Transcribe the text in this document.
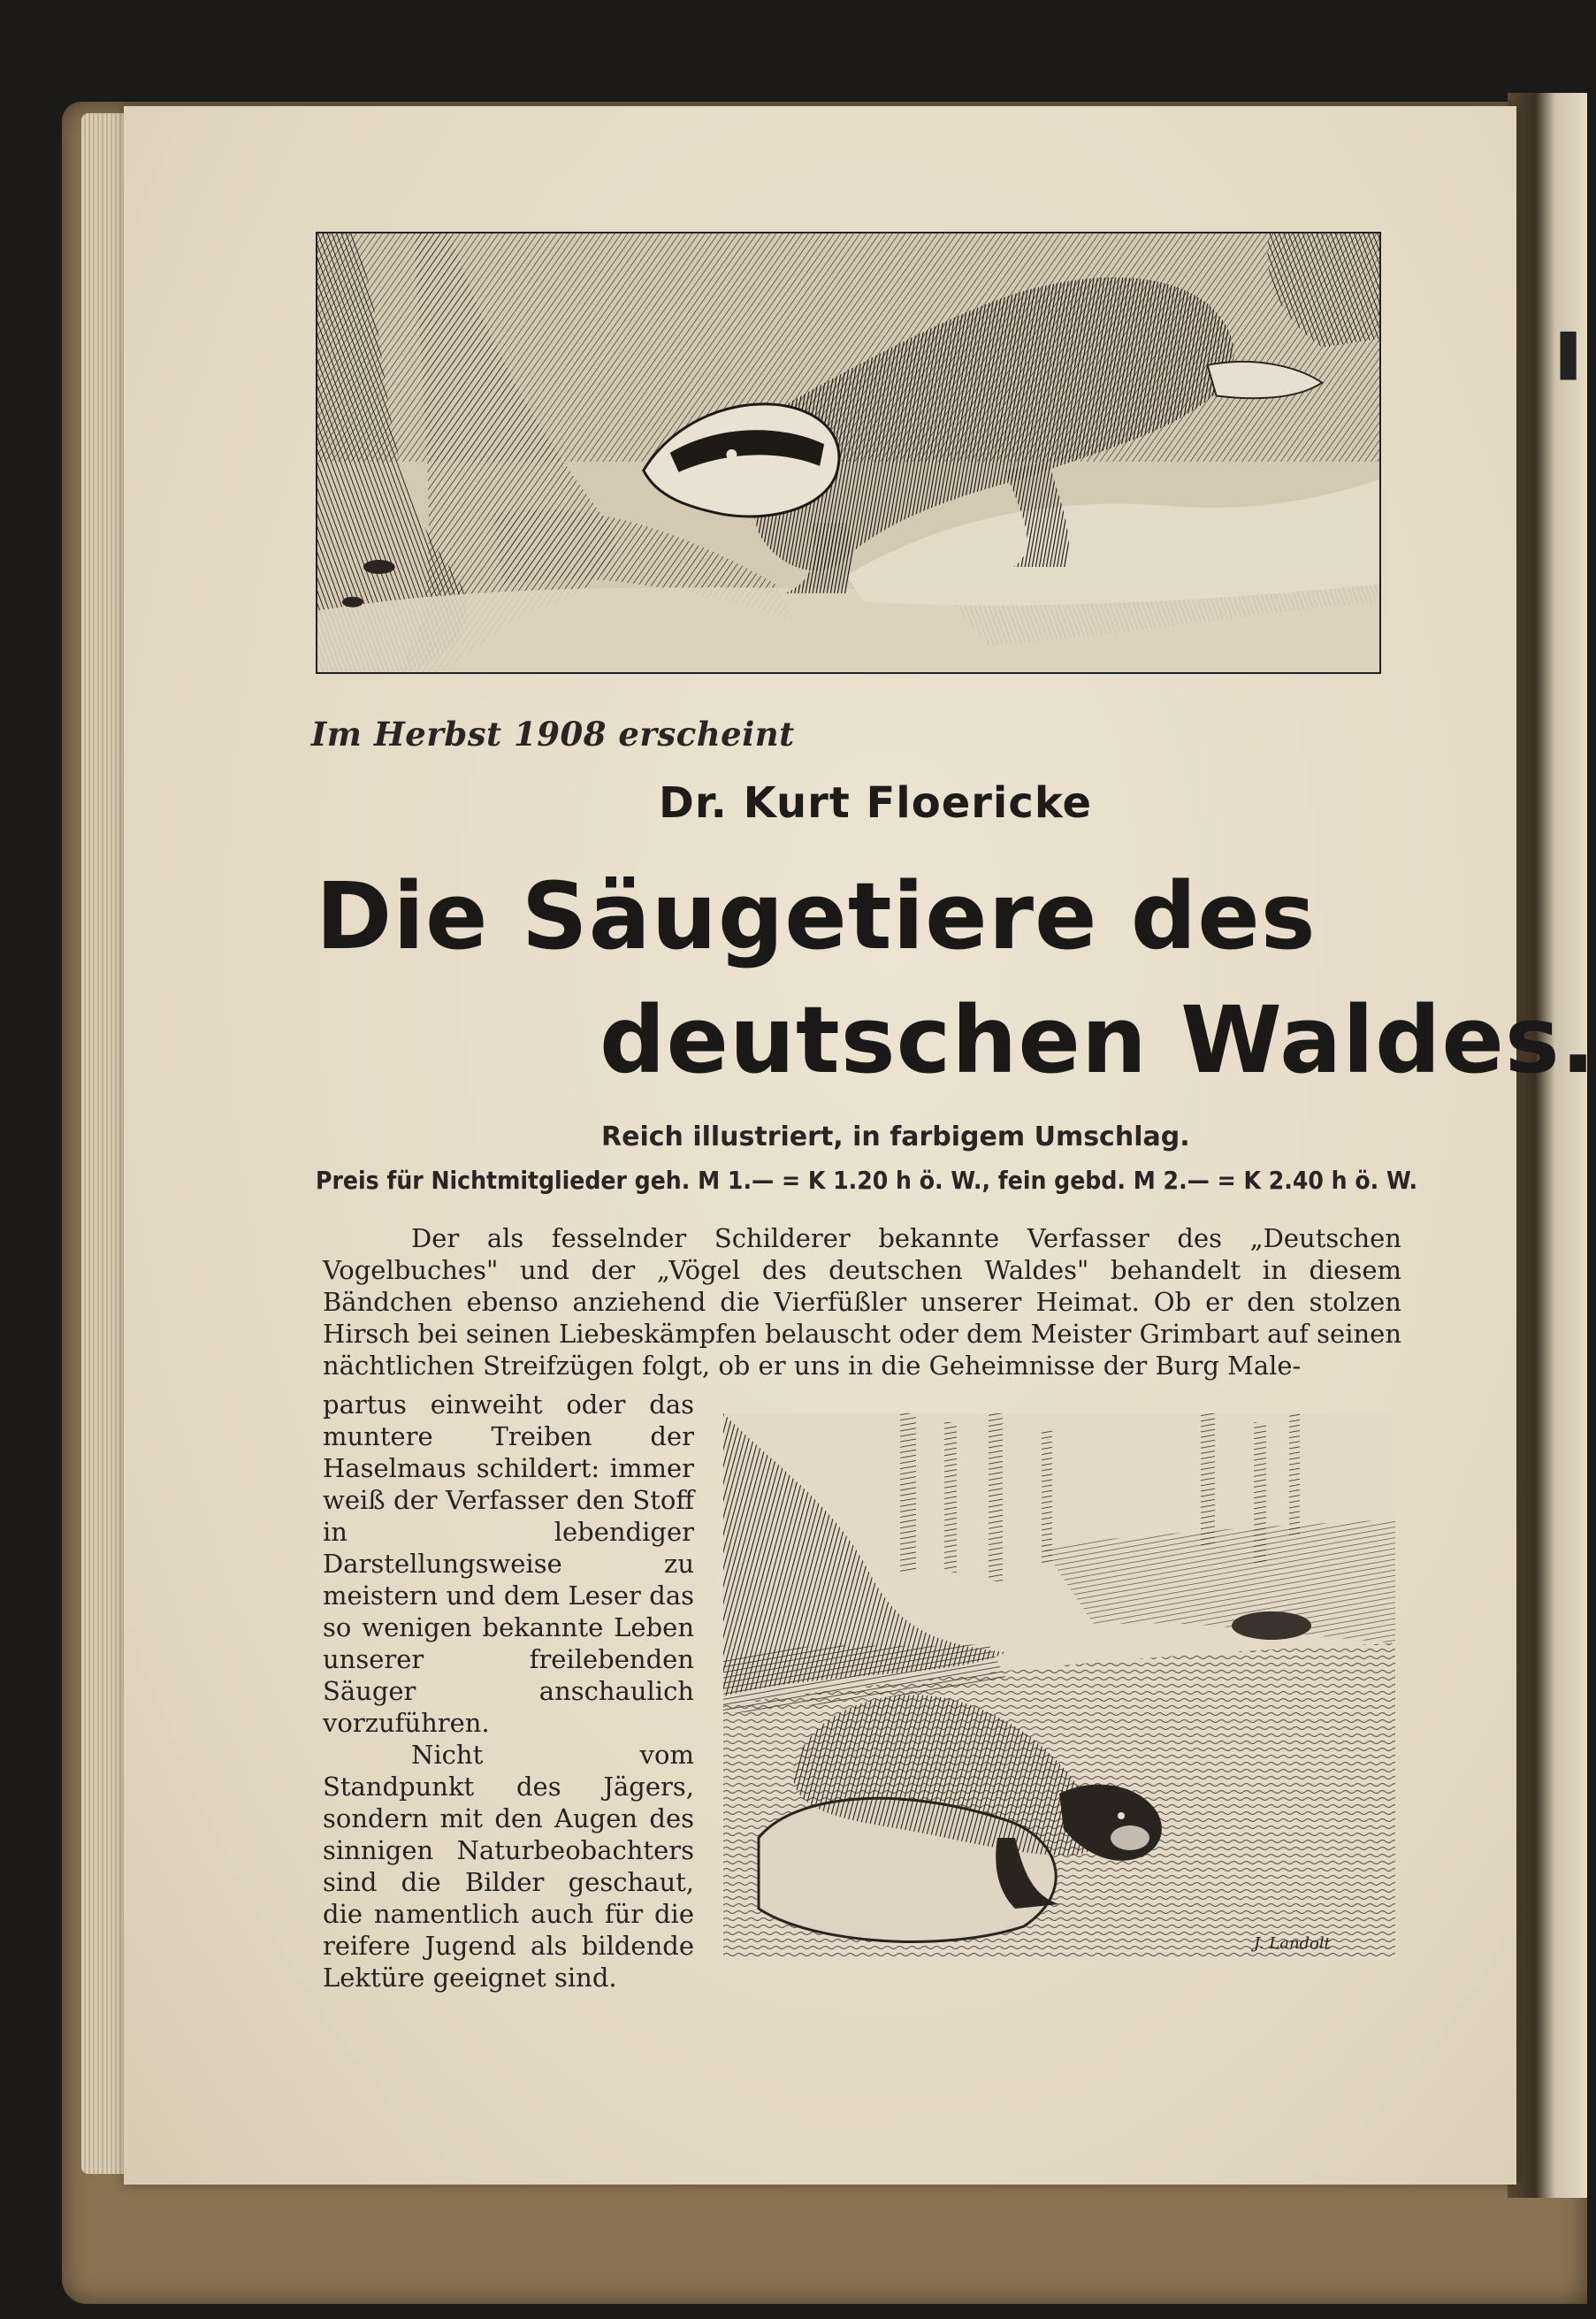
▌
Im Herbst 1908 erscheint
Dr. Kurt Floericke
Die Säugetiere des
deutschen Waldes.
Reich illustriert, in farbigem Umschlag.
Preis für Nichtmitglieder geh. M 1.— = K 1.20 h ö. W., fein gebd. M 2.— = K 2.40 h ö. W.

Der als fesselnder Schilderer bekannte Verfasser des „Deutschen Vogelbuches" und der „Vögel des deutschen Waldes" behandelt in diesem Bändchen ebenso anziehend die Vierfüßler unserer Heimat. Ob er den stolzen Hirsch bei seinen Liebeskämpfen belauscht oder dem Meister Grimbart auf seinen nächtlichen Streifzügen folgt, ob er uns in die Geheimnisse der Burg Male-

partus einweiht oder das muntere Treiben der Haselmaus schildert: immer weiß der Verfasser den Stoff in lebendiger Darstellungsweise zu meistern und dem Leser das so wenigen bekannte Leben unserer freilebenden Säuger anschaulich vorzuführen.

Nicht vom Standpunkt des Jägers, sondern mit den Augen des sinnigen Naturbeobachters sind die Bilder geschaut, die namentlich auch für die reifere Jugend als bildende Lektüre geeignet sind.

J. Landolt
